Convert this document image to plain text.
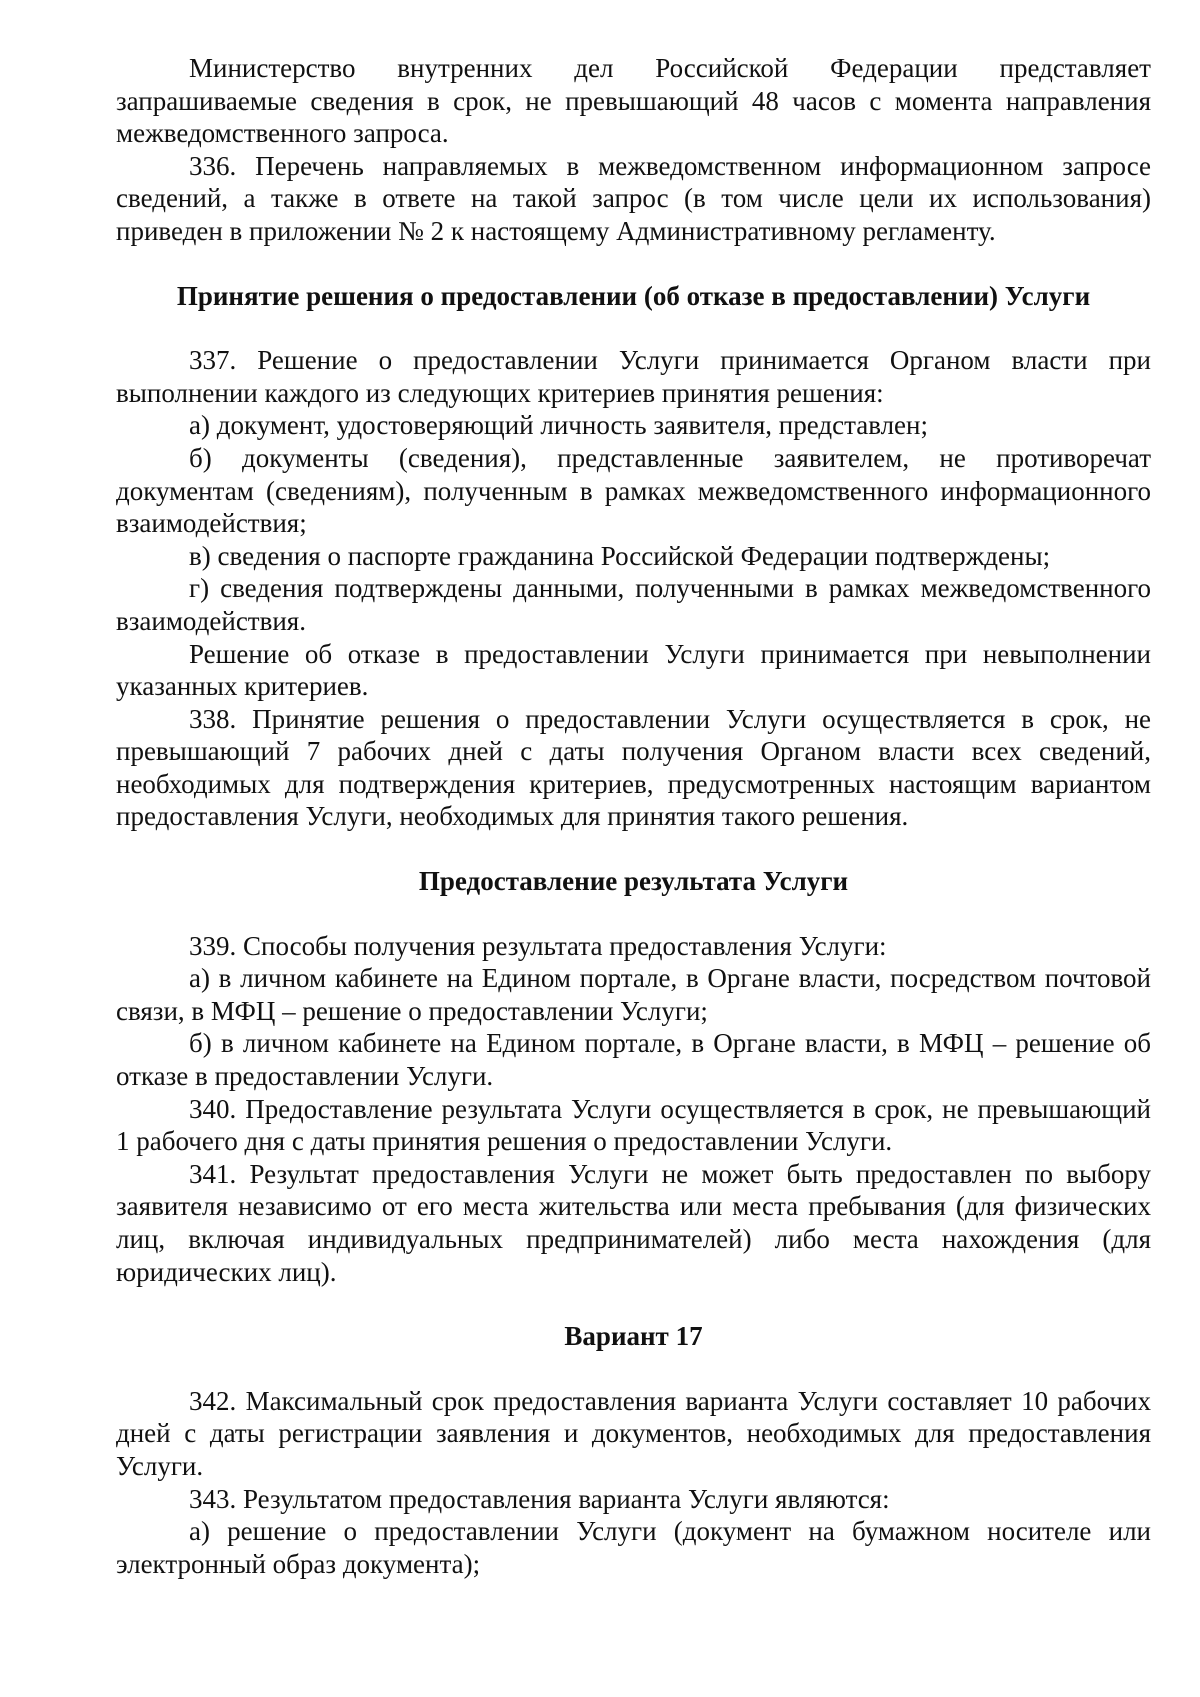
Министерство внутренних дел Российской Федерации представляет запрашиваемые сведения в срок, не превышающий 48 часов с момента направления межведомственного запроса.

336. Перечень направляемых в межведомственном информационном запросе сведений, а также в ответе на такой запрос (в том числе цели их использования) приведен в приложении № 2 к настоящему Административному регламенту.

Принятие решения о предоставлении (об отказе в предоставлении) Услуги

337. Решение о предоставлении Услуги принимается Органом власти при выполнении каждого из следующих критериев принятия решения:

а) документ, удостоверяющий личность заявителя, представлен;

б) документы (сведения), представленные заявителем, не противоречат документам (сведениям), полученным в рамках межведомственного информационного взаимодействия;

в) сведения о паспорте гражданина Российской Федерации подтверждены;

г) сведения подтверждены данными, полученными в рамках межведомственного взаимодействия.

Решение об отказе в предоставлении Услуги принимается при невыполнении указанных критериев.

338. Принятие решения о предоставлении Услуги осуществляется в срок, не превышающий 7 рабочих дней с даты получения Органом власти всех сведений, необходимых для подтверждения критериев, предусмотренных настоящим вариантом предоставления Услуги, необходимых для принятия такого решения.

Предоставление результата Услуги

339. Способы получения результата предоставления Услуги:

а) в личном кабинете на Едином портале, в Органе власти, посредством почтовой связи, в МФЦ – решение о предоставлении Услуги;

б) в личном кабинете на Едином портале, в Органе власти, в МФЦ – решение об отказе в предоставлении Услуги.

340. Предоставление результата Услуги осуществляется в срок, не превышающий 1 рабочего дня с даты принятия решения о предоставлении Услуги.

341. Результат предоставления Услуги не может быть предоставлен по выбору заявителя независимо от его места жительства или места пребывания (для физических лиц, включая индивидуальных предпринимателей) либо места нахождения (для юридических лиц).

Вариант 17

342. Максимальный срок предоставления варианта Услуги составляет 10 рабочих дней с даты регистрации заявления и документов, необходимых для предоставления Услуги.

343. Результатом предоставления варианта Услуги являются:

а) решение о предоставлении Услуги (документ на бумажном носителе или электронный образ документа);
